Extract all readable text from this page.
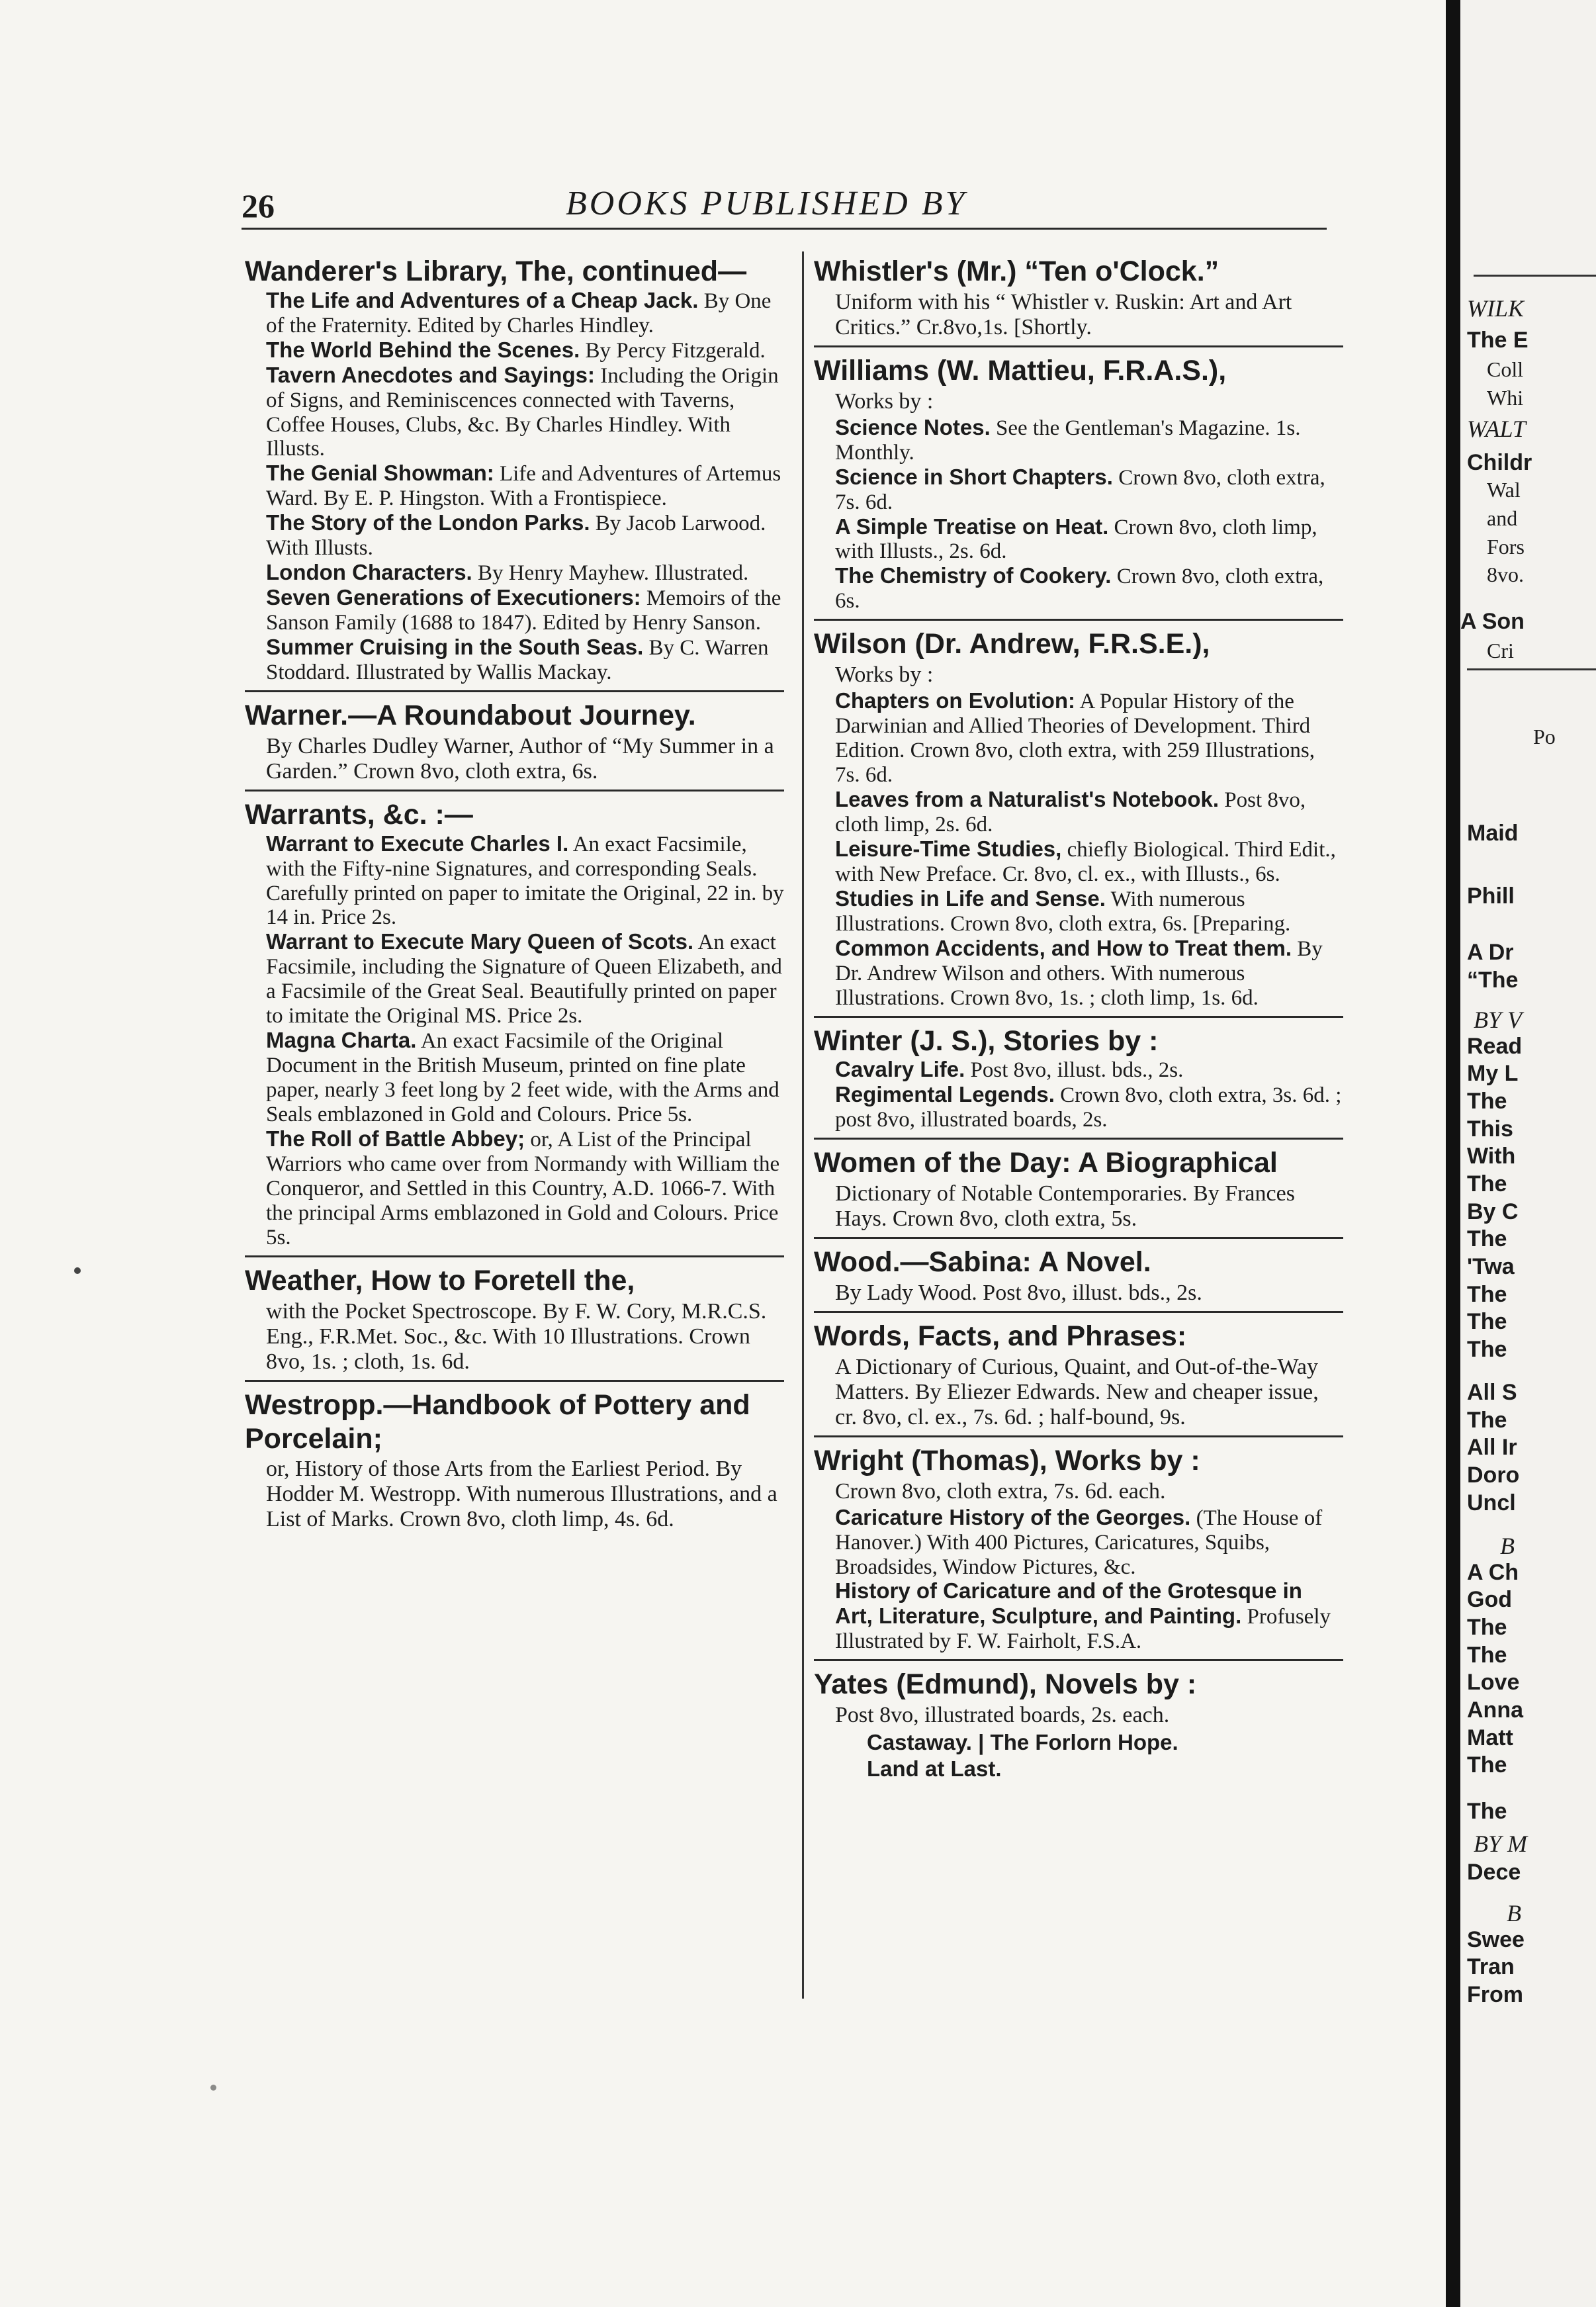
26	BOOKS PUBLISHED BY
Wanderer's Library, The, continued—
The Life and Adventures of a Cheap Jack. By One of the Fraternity. Edited by Charles Hindley.
The World Behind the Scenes. By Percy Fitzgerald.
Tavern Anecdotes and Sayings: Including the Origin of Signs, and Reminiscences connected with Taverns, Coffee Houses, Clubs, &c. By Charles Hindley. With Illusts.
The Genial Showman: Life and Adventures of Artemus Ward. By E. P. Hingston. With a Frontispiece.
The Story of the London Parks. By Jacob Larwood. With Illusts.
London Characters. By Henry Mayhew. Illustrated.
Seven Generations of Executioners: Memoirs of the Sanson Family (1688 to 1847). Edited by Henry Sanson.
Summer Cruising in the South Seas. By C. Warren Stoddard. Illustrated by Wallis Mackay.
Warner.—A Roundabout Journey.
By Charles Dudley Warner, Author of “My Summer in a Garden.” Crown 8vo, cloth extra, 6s.
Warrants, &c. :—
Warrant to Execute Charles I. An exact Facsimile, with the Fifty-nine Signatures, and corresponding Seals. Carefully printed on paper to imitate the Original, 22 in. by 14 in. Price 2s.
Warrant to Execute Mary Queen of Scots. An exact Facsimile, including the Signature of Queen Elizabeth, and a Facsimile of the Great Seal. Beautifully printed on paper to imitate the Original MS. Price 2s.
Magna Charta. An exact Facsimile of the Original Document in the British Museum, printed on fine plate paper, nearly 3 feet long by 2 feet wide, with the Arms and Seals emblazoned in Gold and Colours. Price 5s.
The Roll of Battle Abbey; or, A List of the Principal Warriors who came over from Normandy with William the Conqueror, and Settled in this Country, A.D. 1066-7. With the principal Arms emblazoned in Gold and Colours. Price 5s.
Weather, How to Foretell the,
with the Pocket Spectroscope. By F. W. Cory, M.R.C.S. Eng., F.R.Met. Soc., &c. With 10 Illustrations. Crown 8vo, 1s. ; cloth, 1s. 6d.
Westropp.—Handbook of Pottery and Porcelain;
or, History of those Arts from the Earliest Period. By Hodder M. Westropp. With numerous Illustrations, and a List of Marks. Crown 8vo, cloth limp, 4s. 6d.
Whistler's (Mr.) “Ten o'Clock.”
Uniform with his “ Whistler v. Ruskin: Art and Art Critics.” Cr.8vo,1s. [Shortly.
Williams (W. Mattieu, F.R.A.S.),
Works by :
Science Notes. See the Gentleman's Magazine. 1s. Monthly.
Science in Short Chapters. Crown 8vo, cloth extra, 7s. 6d.
A Simple Treatise on Heat. Crown 8vo, cloth limp, with Illusts., 2s. 6d.
The Chemistry of Cookery. Crown 8vo, cloth extra, 6s.
Wilson (Dr. Andrew, F.R.S.E.),
Works by :
Chapters on Evolution: A Popular History of the Darwinian and Allied Theories of Development. Third Edition. Crown 8vo, cloth extra, with 259 Illustrations, 7s. 6d.
Leaves from a Naturalist's Notebook. Post 8vo, cloth limp, 2s. 6d.
Leisure-Time Studies, chiefly Biological. Third Edit., with New Preface. Cr. 8vo, cl. ex., with Illusts., 6s.
Studies in Life and Sense. With numerous Illustrations. Crown 8vo, cloth extra, 6s. [Preparing.
Common Accidents, and How to Treat them. By Dr. Andrew Wilson and others. With numerous Illustrations. Crown 8vo, 1s. ; cloth limp, 1s. 6d.
Winter (J. S.), Stories by :
Cavalry Life. Post 8vo, illust. bds., 2s.
Regimental Legends. Crown 8vo, cloth extra, 3s. 6d. ; post 8vo, illustrated boards, 2s.
Women of the Day: A Biographical
Dictionary of Notable Contemporaries. By Frances Hays. Crown 8vo, cloth extra, 5s.
Wood.—Sabina: A Novel.
By Lady Wood. Post 8vo, illust. bds., 2s.
Words, Facts, and Phrases:
A Dictionary of Curious, Quaint, and Out-of-the-Way Matters. By Eliezer Edwards. New and cheaper issue, cr. 8vo, cl. ex., 7s. 6d. ; half-bound, 9s.
Wright (Thomas), Works by :
Crown 8vo, cloth extra, 7s. 6d. each.
Caricature History of the Georges. (The House of Hanover.) With 400 Pictures, Caricatures, Squibs, Broadsides, Window Pictures, &c.
History of Caricature and of the Grotesque in Art, Literature, Sculpture, and Painting. Profusely Illustrated by F. W. Fairholt, F.S.A.
Yates (Edmund), Novels by :
Post 8vo, illustrated boards, 2s. each.
Castaway. | The Forlorn Hope.
Land at Last.
WILK
The E
Coll
Whi
WALT
Childr
Wal
and
Fors
8vo.
A Son
Cri
Po
Maid
Phill
A Dr
“The
BY V
Read
My L
The
This
With
The
By C
The
'Twa
The
The
The
All S
The
All Ir
Doro
Uncl
B
A Ch
God
The
The
Love
Anna
Matt
The
The
BY M
Dece
B
Swee
Tran
From
